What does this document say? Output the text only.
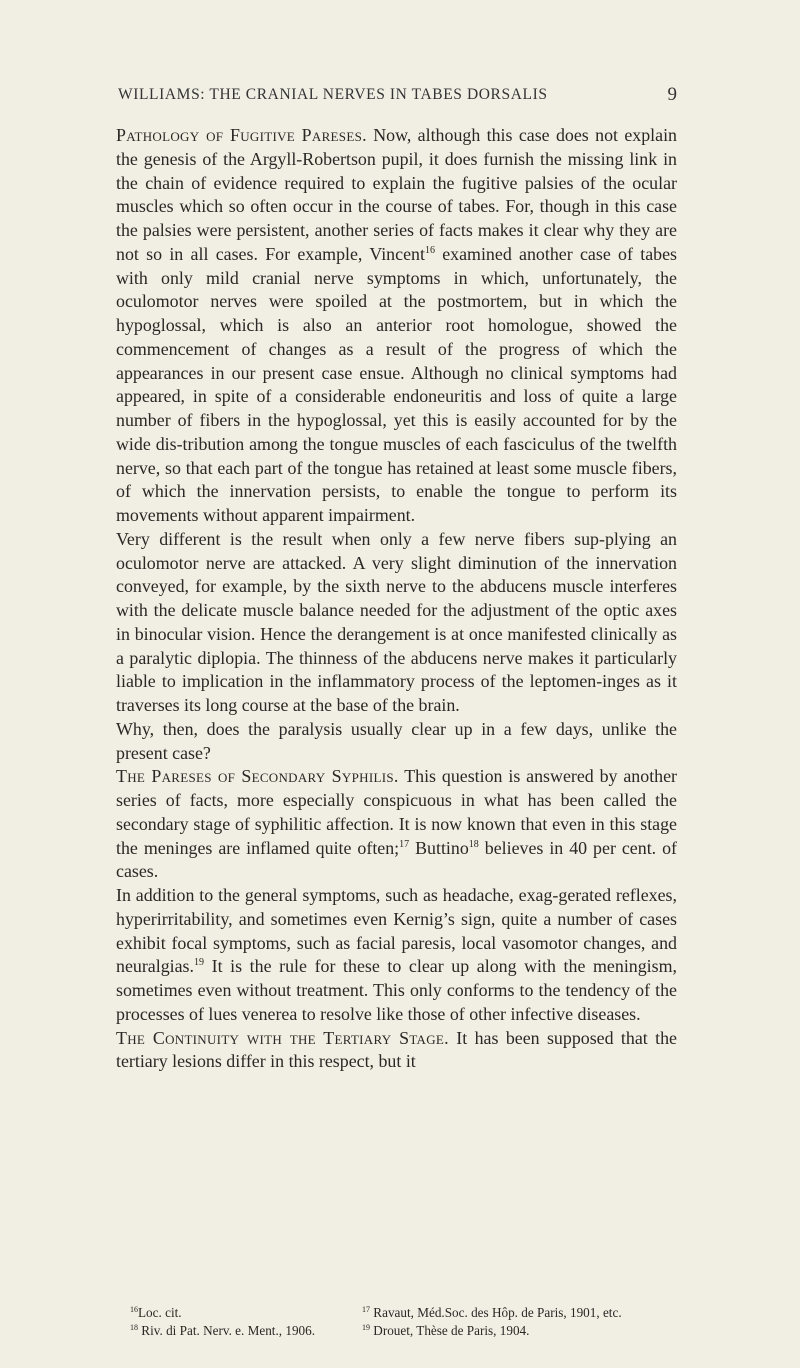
WILLIAMS: THE CRANIAL NERVES IN TABES DORSALIS	9

Pathology of Fugitive Pareses. Now, although this case does not explain the genesis of the Argyll-Robertson pupil, it does furnish the missing link in the chain of evidence required to explain the fugitive palsies of the ocular muscles which so often occur in the course of tabes. For, though in this case the palsies were persistent, another series of facts makes it clear why they are not so in all cases. For example, Vincent$^{16}$ examined another case of tabes with only mild cranial nerve symptoms in which, unfortunately, the oculomotor nerves were spoiled at the postmortem, but in which the hypoglossal, which is also an anterior root homologue, showed the commencement of changes as a result of the progress of which the appearances in our present case ensue. Although no clinical symptoms had appeared, in spite of a considerable endoneuritis and loss of quite a large number of fibers in the hypoglossal, yet this is easily accounted for by the wide dis-tribution among the tongue muscles of each fasciculus of the twelfth nerve, so that each part of the tongue has retained at least some muscle fibers, of which the innervation persists, to enable the tongue to perform its movements without apparent impairment.

Very different is the result when only a few nerve fibers sup-plying an oculomotor nerve are attacked. A very slight diminution of the innervation conveyed, for example, by the sixth nerve to the abducens muscle interferes with the delicate muscle balance needed for the adjustment of the optic axes in binocular vision. Hence the derangement is at once manifested clinically as a paralytic diplopia. The thinness of the abducens nerve makes it particularly liable to implication in the inflammatory process of the leptomen-inges as it traverses its long course at the base of the brain.

Why, then, does the paralysis usually clear up in a few days, unlike the present case?

The Pareses of Secondary Syphilis. This question is answered by another series of facts, more especially conspicuous in what has been called the secondary stage of syphilitic affection. It is now known that even in this stage the meninges are inflamed quite often;$^{17}$ Buttino$^{18}$ believes in 40 per cent. of cases.

In addition to the general symptoms, such as headache, exag-gerated reflexes, hyperirritability, and sometimes even Kernig’s sign, quite a number of cases exhibit focal symptoms, such as facial paresis, local vasomotor changes, and neuralgias.$^{19}$ It is the rule for these to clear up along with the meningism, sometimes even without treatment. This only conforms to the tendency of the processes of lues venerea to resolve like those of other infective diseases.

The Continuity with the Tertiary Stage. It has been supposed that the tertiary lesions differ in this respect, but it

$^{16}$Loc. cit.	$^{17}$ Ravaut, Méd.Soc. des Hôp. de Paris, 1901, etc.
$^{18}$ Riv. di Pat. Nerv. e. Ment., 1906.	$^{19}$ Drouet, Thèse de Paris, 1904.
